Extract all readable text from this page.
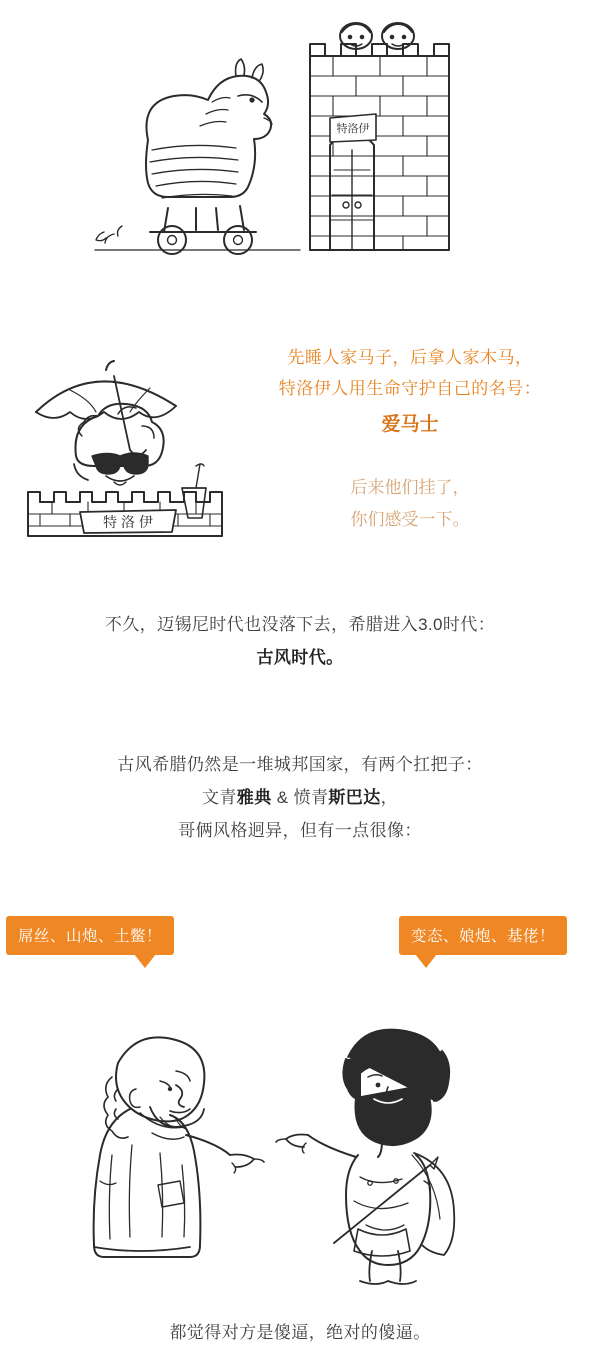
特洛伊
特 洛 伊
先睡人家马子，后拿人家木马，
特洛伊人用生命守护自己的名号：
爱马士
后来他们挂了，
你们感受一下。
不久，迈锡尼时代也没落下去，希腊进入3.0时代：
古风时代。
古风希腊仍然是一堆城邦国家，有两个扛把子：
文青雅典 & 愤青斯巴达，
哥俩风格迥异，但有一点很像：
屌丝、山炮、土鳖！	变态、娘炮、基佬！
都觉得对方是傻逼，绝对的傻逼。
